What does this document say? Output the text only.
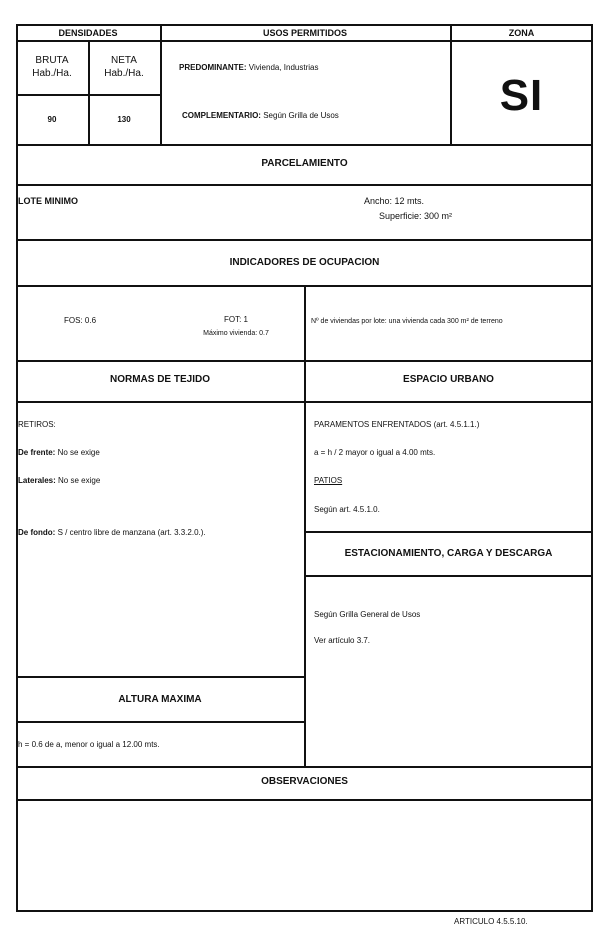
DENSIDADES	USOS PERMITIDOS	ZONA
BRUTA
Hab./Ha.
NETA
Hab./Ha.
90	130
PREDOMINANTE: Vivienda, Industrias
COMPLEMENTARIO: Según Grilla de Usos	SI
PARCELAMIENTO
LOTE MINIMO	Ancho: 12 mts.
Superficie: 300 m²
INDICADORES DE OCUPACION
FOS: 0.6	FOT: 1
Máximo vivienda: 0.7
Nº de viviendas por lote: una vivienda cada 300 m² de terreno
NORMAS DE TEJIDO	ESPACIO URBANO
RETIROS:
De frente: No se exige
Laterales: No se exige
De fondo: S / centro libre de manzana (art. 3.3.2.0.).
PARAMENTOS ENFRENTADOS (art. 4.5.1.1.)
a = h / 2 mayor o igual a 4.00 mts.
PATIOS
Según art. 4.5.1.0.
ESTACIONAMIENTO, CARGA Y DESCARGA
Según Grilla General de Usos
Ver artículo 3.7.
ALTURA MAXIMA
h = 0.6 de a, menor o igual a 12.00 mts.
OBSERVACIONES
ARTICULO 4.5.5.10.
